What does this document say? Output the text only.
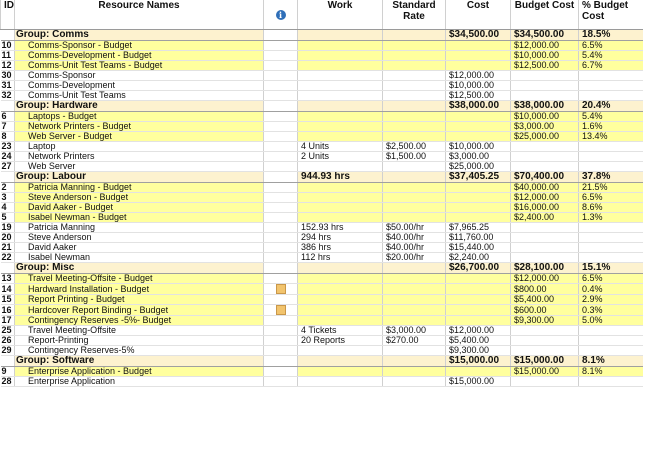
ID	Resource Names	i	Work	Standard Rate	Cost	Budget Cost	% Budget Cost
	Group: Comms				$34,500.00	$34,500.00	18.5%
10	Comms-Sponsor - Budget					$12,000.00	6.5%
11	Comms-Development - Budget					$10,000.00	5.4%
12	Comms-Unit Test Teams - Budget					$12,500.00	6.7%
30	Comms-Sponsor				$12,000.00		
31	Comms-Development				$10,000.00		
32	Comms-Unit Test Teams				$12,500.00		
	Group: Hardware				$38,000.00	$38,000.00	20.4%
6	Laptops - Budget					$10,000.00	5.4%
7	Network Printers - Budget					$3,000.00	1.6%
8	Web Server - Budget					$25,000.00	13.4%
23	Laptop		4 Units	$2,500.00	$10,000.00		
24	Network Printers		2 Units	$1,500.00	$3,000.00		
27	Web Server				$25,000.00		
	Group: Labour		944.93 hrs		$37,405.25	$70,400.00	37.8%
2	Patricia Manning - Budget					$40,000.00	21.5%
3	Steve Anderson - Budget					$12,000.00	6.5%
4	David Aaker - Budget					$16,000.00	8.6%
5	Isabel Newman - Budget					$2,400.00	1.3%
19	Patricia Manning		152.93 hrs	$50.00/hr	$7,965.25		
20	Steve Anderson		294 hrs	$40.00/hr	$11,760.00		
21	David Aaker		386 hrs	$40.00/hr	$15,440.00		
22	Isabel Newman		112 hrs	$20.00/hr	$2,240.00		
	Group: Misc				$26,700.00	$28,100.00	15.1%
13	Travel Meeting-Offsite - Budget					$12,000.00	6.5%
14	Hardward Installation - Budget					$800.00	0.4%
15	Report Printing - Budget					$5,400.00	2.9%
16	Hardcover Report Binding - Budget					$600.00	0.3%
17	Contingency Reserves -5%- Budget					$9,300.00	5.0%
25	Travel Meeting-Offsite		4 Tickets	$3,000.00	$12,000.00		
26	Report-Printing		20 Reports	$270.00	$5,400.00		
29	Contingency Reserves-5%				$9,300.00		
	Group: Software				$15,000.00	$15,000.00	8.1%
9	Enterprise Application - Budget					$15,000.00	8.1%
28	Enterprise Application				$15,000.00		
